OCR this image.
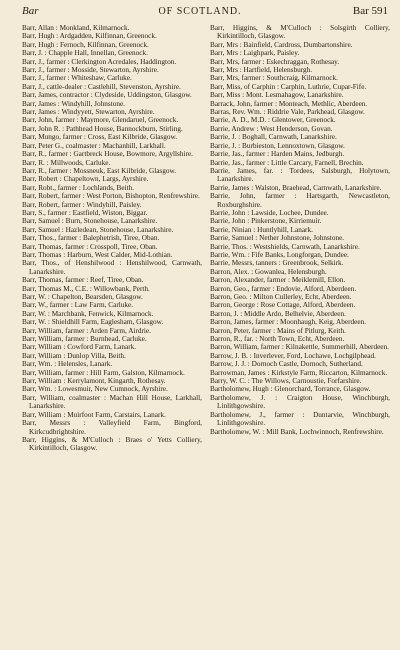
Bar	OF SCOTLAND.	Bar 591

Barr, Allan : Monkland, Kilmarnock.

Barr, Hugh : Ardgadden, Kilfinnan, Greenock.

Barr, Hugh : Fernoch, Kilfinnan, Greenock.

Barr, J. : Chapple Hall, Innellan, Greenock.

Barr, J., farmer : Clerkington Acredales, Haddington.

Barr, J., farmer : Mosside, Stewarton, Ayrshire.

Barr, J., farmer : Whiteshaw, Carluke.

Barr, J., cattle-dealer : Castlehill, Stevenston, Ayrshire.

Barr, James, contractor : Clydeside, Uddingston, Glasgow.

Barr, James : Windyhill, Johnstone.

Barr, James : Windyyett, Stewarton, Ayrshire.

Barr, John, farmer : Maymore, Glendaruel, Greenock.

Barr, John R. : Pathhead House, Bannockburn, Stirling.

Barr, Mungo, farmer : Cross, East Kilbride, Glasgow.

Barr, Peter G., coalmaster : Machanhill, Larkhall.

Barr, R., farmer : Gartbreck House, Bowmore, Argyllshire.

Barr, R. : Millwoods, Carluke.

Barr, R., farmer : Mossneuk, East Kilbride, Glasgow.

Barr, Robert : Chapeltown, Largs, Ayrshire.

Barr, Robt., farmer : Lochlands, Beith.

Barr, Robert, farmer : West Porton, Bishopton, Renfrewshire.

Barr, Robert, farmer : Windyhill, Paisley.

Barr, S., farmer : Eastfield, Wiston, Biggar.

Barr, Samuel : Burn, Stonehouse, Lanarkshire.

Barr, Samuel : Hazledean, Stonehouse, Lanarkshire.

Barr, Thos., farmer : Balephetrish, Tiree, Oban.

Barr, Thomas, farmer : Crosspoll, Tiree, Oban.

Barr, Thomas : Harburn, West Calder, Mid-Lothian.

Barr, Thos., of Henshilwood : Henshilwood, Carnwath, Lanarkshire.

Barr, Thomas, farmer : Reef, Tiree, Oban.

Barr, Thomas M., C.E. : Willowbank, Perth.

Barr, W. : Chapelton, Bearsden, Glasgow.

Barr, W., farmer : Law Farm, Carluke.

Barr, W. : Marchbank, Fenwick, Kilmarnock.

Barr, W. : Shieldhill Farm, Eaglesham, Glasgow.

Barr, William, farmer : Arden Farm, Airdrie.

Barr, William, farmer : Burnhead, Carluke.

Barr, William : Cowford Farm, Lanark.

Barr, William : Dunlop Villa, Beith.

Barr, Wm. : Helensles, Lanark.

Barr, William, farmer : Hill Farm, Galston, Kilmarnock.

Barr, William : Kerrylamont, Kingarth, Rothesay.

Barr, Wm. : Lowesmuir, New Cumnock, Ayrshire.

Barr, William, coalmaster : Machan Hill House, Larkhall, Lanarkshire.

Barr, William : Muirfoot Farm, Carstairs, Lanark.

Barr, Messrs : Valleyfield Farm, Bingford, Kirkcudbrightshire.

Barr, Higgins, & M'Culloch : Braes o' Yetts Colliery, Kirkintilloch, Glasgow.

Barr, Higgins, & M'Culloch : Solsgirth Colliery, Kirkintilloch, Glasgow.

Barr, Mrs : Bainfield, Cardross, Dumbartonshire.

Barr, Mrs : Laighpark, Paisley.

Barr, Mrs, farmer : Eskechraggan, Rothesay.

Barr, Mrs : Hartfield, Helensburgh.

Barr, Mrs, farmer : Southcraig, Kilmarnock.

Barr, Miss, of Carphin : Carphin, Luthrie, Cupar-Fife.

Barr, Miss : Mont. Lesmahagow, Lanarkshire.

Barrack, John, farmer : Monteach, Methlic, Aberdeen.

Barras, Rev. Wm. : Riddrie Vale, Parkhead, Glasgow.

Barrie, A. D., M.D. : Glentower, Greenock.

Barrie, Andrew : West Henderson, Govan.

Barrie, J. : Boghall, Carnwath, Lanarkshire.

Barrie, J. : Burbieston, Lennoxtown, Glasgow.

Barrie, Jas., farmer : Harden Mains, Jedburgh.

Barrie, Jas., farmer : Little Carcary, Farnell, Brechin.

Barrie, James, far. : Tordees, Salsburgh, Holytown, Lanarkshire.

Barrie, James : Walston, Braehead, Carnwath, Lanarkshire.

Barrie, John, farmer : Hartsgarth, Newcastleton, Roxburghshire.

Barrie, John : Lawside, Lochee, Dundee.

Barrie, John : Pinkerstone, Kirriemuir.

Barrie, Ninian : Huntlyhill, Lanark.

Barrie, Samuel : Nether Johnstone, Johnstone.

Barrie, Thos. : Westshields, Carnwath, Lanarkshire.

Barrie, Wm. : Fife Banks, Longforgan, Dundee.

Barrie, Messrs, tanners : Greenbrook, Selkirk.

Barron, Alex. : Gowanlea, Helensburgh.

Barron, Alexander, farmer : Meiklemill, Ellon.

Barron, Geo., farmer : Endovie, Alford, Aberdeen.

Barron, Geo. : Milton Cullerley, Echt, Aberdeen.

Barron, George : Rose Cottage, Alford, Aberdeen.

Barron, J. : Middle Ardo, Belhelvie, Aberdeen.

Barron, James, farmer : Moonhaugh, Keig, Aberdeen.

Barron, Peter, farmer : Mains of Pitlurg, Keith.

Barron, R., far. : North Town, Echt, Aberdeen.

Barron, William, farmer : Kilnakettle, Summerhill, Aberdeen.

Barrow, J. B. : Inverlever, Ford, Lochawe, Lochgilphead.

Barrow, J. J. : Dornoch Castle, Dornoch, Sutherland.

Barrowman, James : Kirkstyle Farm, Riccarton, Kilmarnock.

Barry, W. C. : The Willows, Carnoustie, Forfarshire.

Bartholomew, Hugh : Glenorchard, Torrance, Glasgow.

Bartholomew, J. : Craigton House, Winchburgh, Linlithgowshire.

Bartholomew, J., farmer : Duntarvie, Winchburgh, Linlithgowshire.

Bartholomew, W. : Mill Bank, Lochwinnoch, Renfrewshire.
